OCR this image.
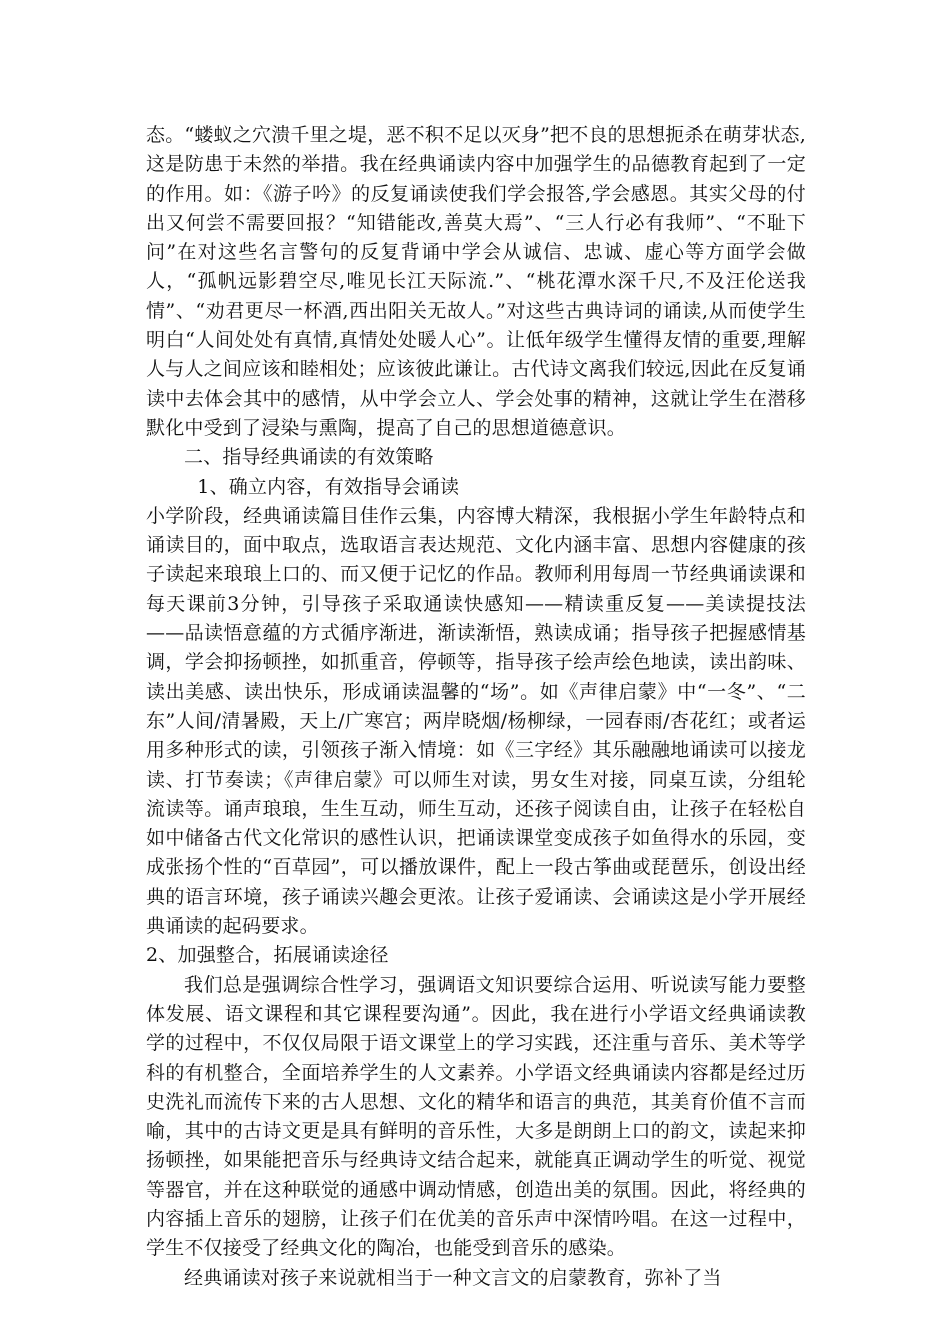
态。“蝼蚁之穴溃千里之堤，恶不积不足以灭身”把不良的思想扼杀在萌芽状态,这是防患于未然的举措。我在经典诵读内容中加强学生的品德教育起到了一定的作用。如：《游子吟》的反复诵读使我们学会报答,学会感恩。其实父母的付出又何尝不需要回报？“知错能改,善莫大焉”、“三人行必有我师”、“不耻下问”在对这些名言警句的反复背诵中学会从诚信、忠诚、虚心等方面学会做人，“孤帆远影碧空尽,唯见长江天际流.”、“桃花潭水深千尺,不及汪伦送我情”、“劝君更尽一杯酒,西出阳关无故人。”对这些古典诗词的诵读,从而使学生明白“人间处处有真情,真情处处暖人心”。让低年级学生懂得友情的重要,理解人与人之间应该和睦相处；应该彼此谦让。古代诗文离我们较远,因此在反复诵读中去体会其中的感情，从中学会立人、学会处事的精神，这就让学生在潜移默化中受到了浸染与熏陶，提高了自己的思想道德意识。

二、指导经典诵读的有效策略

1、确立内容，有效指导会诵读

小学阶段，经典诵读篇目佳作云集，内容博大精深，我根据小学生年龄特点和诵读目的，面中取点，选取语言表达规范、文化内涵丰富、思想内容健康的孩子读起来琅琅上口的、而又便于记忆的作品。教师利用每周一节经典诵读课和每天课前3分钟，引导孩子采取通读快感知——精读重反复——美读提技法——品读悟意蕴的方式循序渐进，渐读渐悟，熟读成诵；指导孩子把握感情基调，学会抑扬顿挫，如抓重音，停顿等，指导孩子绘声绘色地读，读出韵味、读出美感、读出快乐，形成诵读温馨的“场”。如《声律启蒙》中“一冬”、“二东”人间/清暑殿，天上/广寒宫；两岸晓烟/杨柳绿，一园春雨/杏花红；或者运用多种形式的读，引领孩子渐入情境：如《三字经》其乐融融地诵读可以接龙读、打节奏读；《声律启蒙》可以师生对读，男女生对接，同桌互读，分组轮流读等。诵声琅琅，生生互动，师生互动，还孩子阅读自由，让孩子在轻松自如中储备古代文化常识的感性认识，把诵读课堂变成孩子如鱼得水的乐园，变成张扬个性的“百草园”，可以播放课件，配上一段古筝曲或琵琶乐，创设出经典的语言环境，孩子诵读兴趣会更浓。让孩子爱诵读、会诵读这是小学开展经典诵读的起码要求。

2、加强整合，拓展诵读途径

我们总是强调综合性学习，强调语文知识要综合运用、听说读写能力要整体发展、语文课程和其它课程要沟通”。因此，我在进行小学语文经典诵读教学的过程中，不仅仅局限于语文课堂上的学习实践，还注重与音乐、美术等学科的有机整合，全面培养学生的人文素养。小学语文经典诵读内容都是经过历史洗礼而流传下来的古人思想、文化的精华和语言的典范，其美育价值不言而喻，其中的古诗文更是具有鲜明的音乐性，大多是朗朗上口的韵文，读起来抑扬顿挫，如果能把音乐与经典诗文结合起来，就能真正调动学生的听觉、视觉等器官，并在这种联觉的通感中调动情感，创造出美的氛围。因此，将经典的内容插上音乐的翅膀，让孩子们在优美的音乐声中深情吟唱。在这一过程中，学生不仅接受了经典文化的陶冶，也能受到音乐的感染。

经典诵读对孩子来说就相当于一种文言文的启蒙教育，弥补了当
